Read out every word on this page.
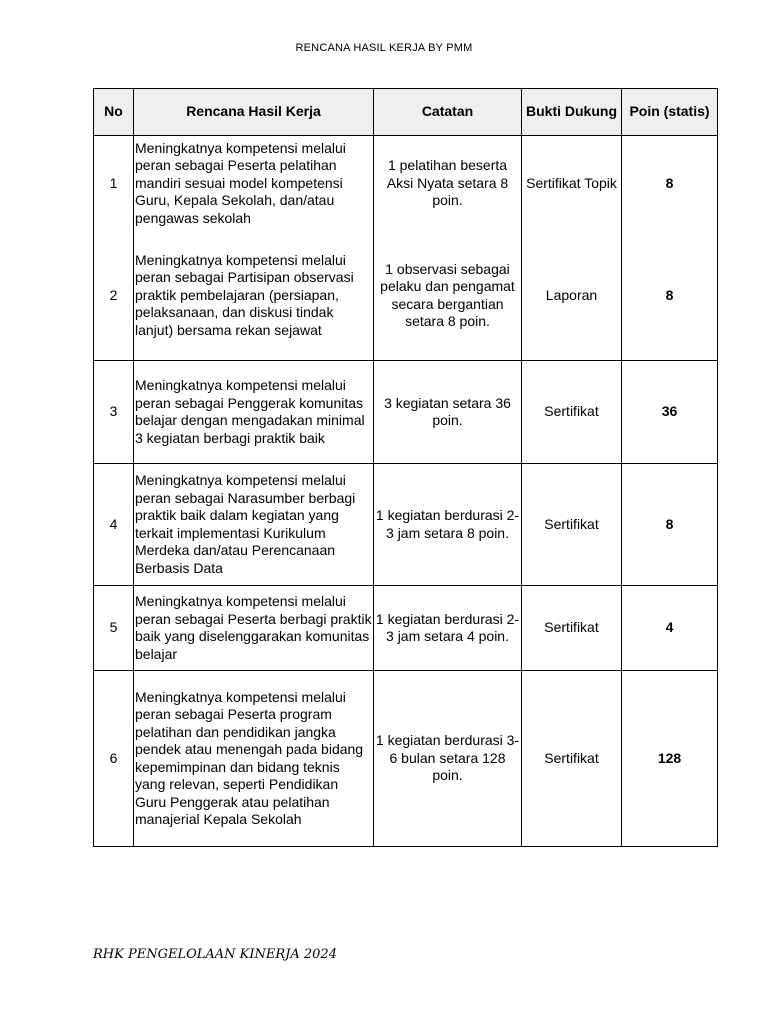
RENCANA HASIL KERJA BY PMM
No	Rencana Hasil Kerja	Catatan	Bukti Dukung	Poin (statis)
1	Meningkatnya kompetensi melalui peran sebagai Peserta pelatihan mandiri sesuai model kompetensi Guru, Kepala Sekolah, dan/atau pengawas sekolah	1 pelatihan beserta Aksi Nyata setara 8 poin.	Sertifikat Topik	8
2	Meningkatnya kompetensi melalui peran sebagai Partisipan observasi praktik pembelajaran (persiapan, pelaksanaan, dan diskusi tindak lanjut) bersama rekan sejawat	1 observasi sebagai pelaku dan pengamat secara bergantian setara 8 poin.	Laporan	8
3	Meningkatnya kompetensi melalui peran sebagai Penggerak komunitas belajar dengan mengadakan minimal 3 kegiatan berbagi praktik baik	3 kegiatan setara 36 poin.	Sertifikat	36
4	Meningkatnya kompetensi melalui peran sebagai Narasumber berbagi praktik baik dalam kegiatan yang terkait implementasi Kurikulum Merdeka dan/atau Perencanaan Berbasis Data	1 kegiatan berdurasi 2-3 jam setara 8 poin.	Sertifikat	8
5	Meningkatnya kompetensi melalui peran sebagai Peserta berbagi praktik baik yang diselenggarakan komunitas belajar	1 kegiatan berdurasi 2-3 jam setara 4 poin.	Sertifikat	4
6	Meningkatnya kompetensi melalui peran sebagai Peserta program pelatihan dan pendidikan jangka pendek atau menengah pada bidang kepemimpinan dan bidang teknis yang relevan, seperti Pendidikan Guru Penggerak atau pelatihan manajerial Kepala Sekolah	1 kegiatan berdurasi 3-6 bulan setara 128 poin.	Sertifikat	128
RHK PENGELOLAAN KINERJA 2024
